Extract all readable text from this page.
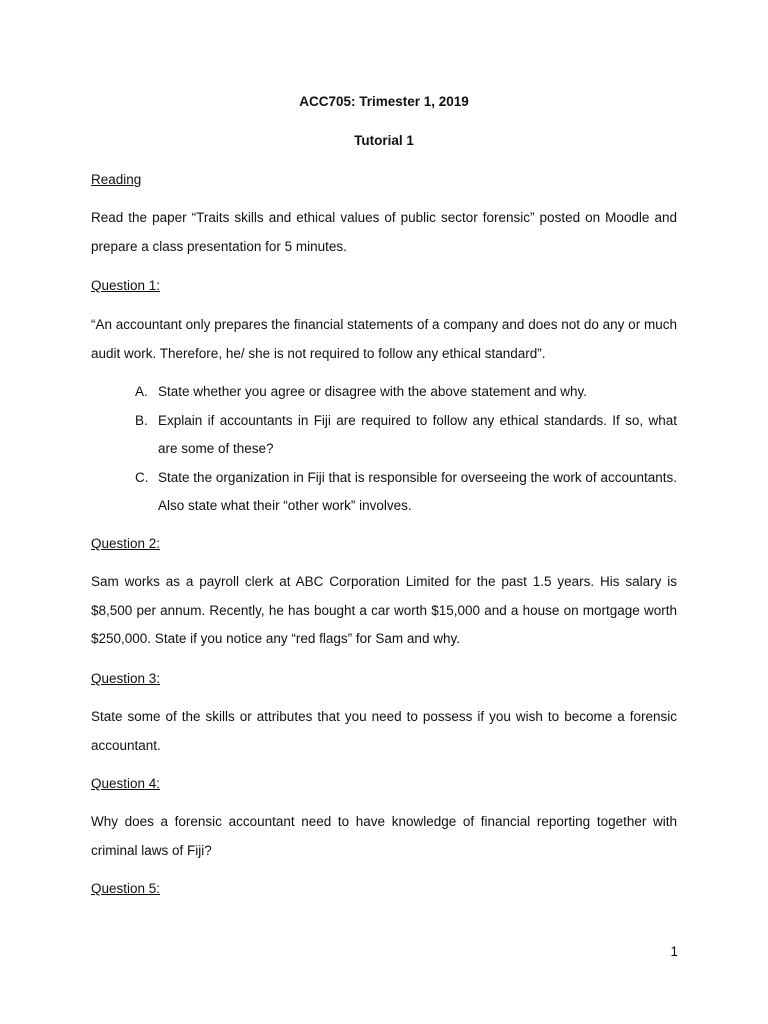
ACC705: Trimester 1, 2019
Tutorial 1
Reading
Read the paper “Traits skills and ethical values of public sector forensic” posted on Moodle and prepare a class presentation for 5 minutes.
Question 1:
“An accountant only prepares the financial statements of a company and does not do any or much audit work. Therefore, he/ she is not required to follow any ethical standard”.
A. State whether you agree or disagree with the above statement and why.
B. Explain if accountants in Fiji are required to follow any ethical standards. If so, what are some of these?
C. State the organization in Fiji that is responsible for overseeing the work of accountants. Also state what their “other work” involves.
Question 2:
Sam works as a payroll clerk at ABC Corporation Limited for the past 1.5 years. His salary is $8,500 per annum. Recently, he has bought a car worth $15,000 and a house on mortgage worth $250,000. State if you notice any “red flags” for Sam and why.
Question 3:
State some of the skills or attributes that you need to possess if you wish to become a forensic accountant.
Question 4:
Why does a forensic accountant need to have knowledge of financial reporting together with criminal laws of Fiji?
Question 5:
1
